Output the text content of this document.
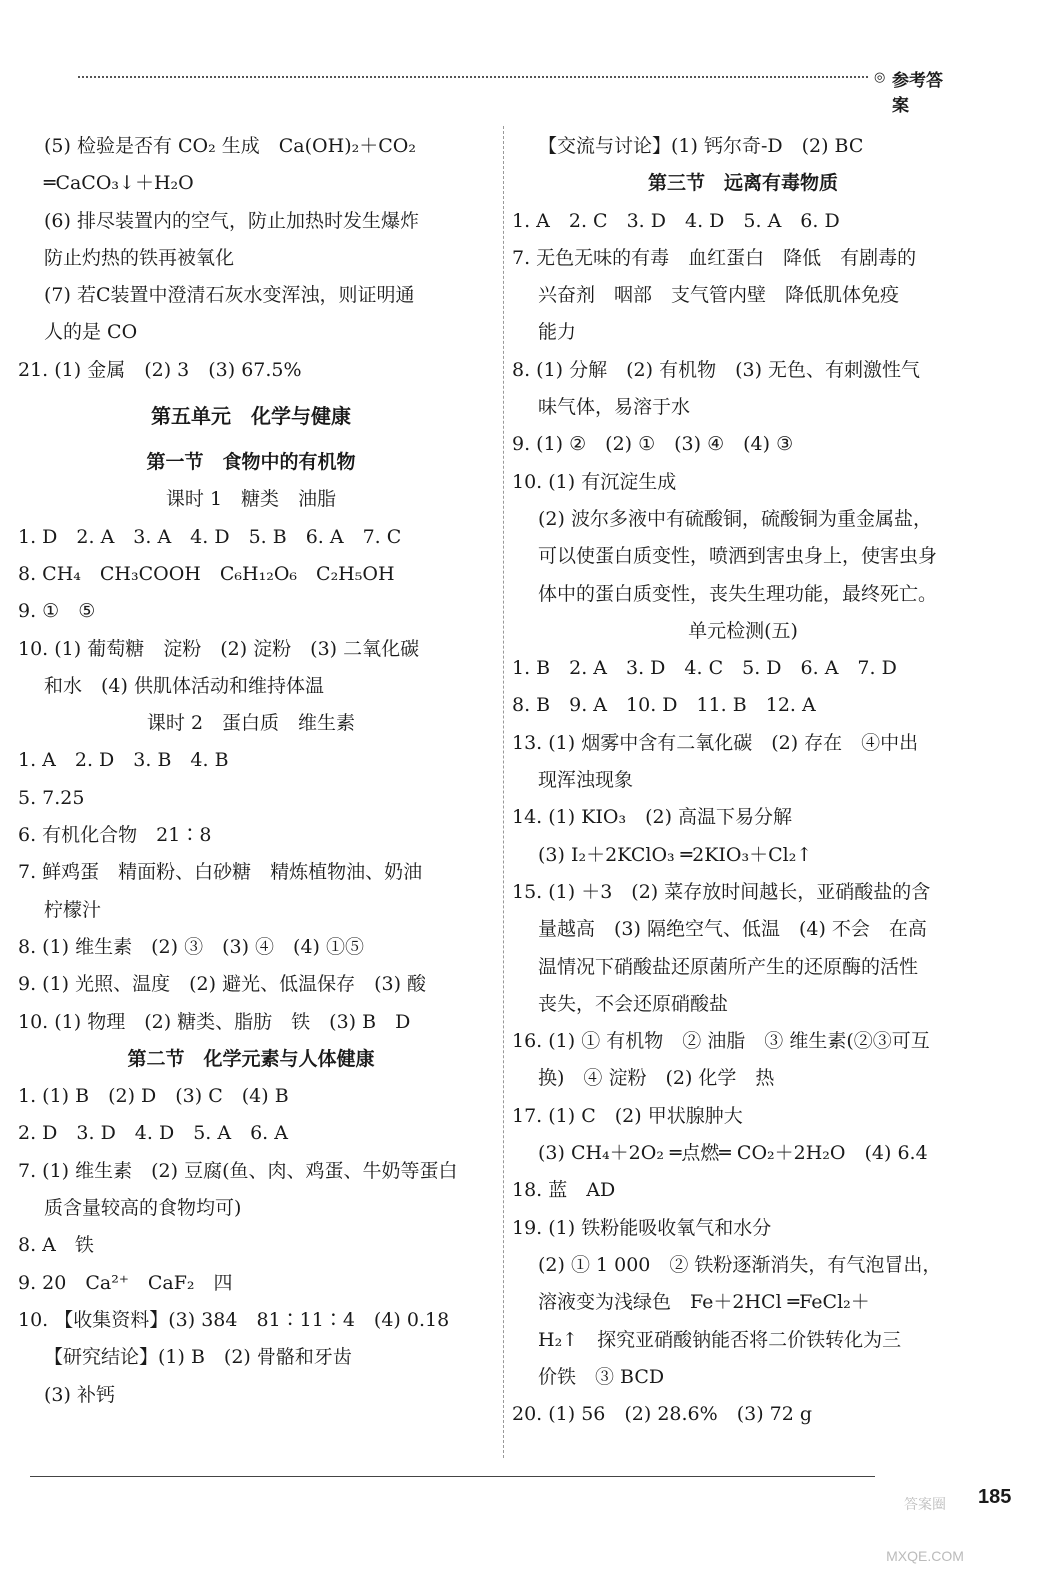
◎ 参考答案
(5) 检验是否有 CO₂ 生成　Ca(OH)₂＋CO₂
═CaCO₃↓＋H₂O
(6) 排尽装置内的空气，防止加热时发生爆炸
防止灼热的铁再被氧化
(7) 若C装置中澄清石灰水变浑浊，则证明通
人的是 CO
21. (1) 金属　(2) 3　(3) 67.5%
第五单元　化学与健康
第一节　食物中的有机物
课时 1　糖类　油脂
1. D　2. A　3. A　4. D　5. B　6. A　7. C
8. CH₄　CH₃COOH　C₆H₁₂O₆　C₂H₅OH
9. ①　⑤
10. (1) 葡萄糖　淀粉　(2) 淀粉　(3) 二氧化碳
和水　(4) 供肌体活动和维持体温
课时 2　蛋白质　维生素
1. A　2. D　3. B　4. B
5. 7.25
6. 有机化合物　21∶8
7. 鲜鸡蛋　精面粉、白砂糖　精炼植物油、奶油
柠檬汁
8. (1) 维生素　(2) ③　(3) ④　(4) ①⑤
9. (1) 光照、温度　(2) 避光、低温保存　(3) 酸
10. (1) 物理　(2) 糖类、脂肪　铁　(3) B　D
第二节　化学元素与人体健康
1. (1) B　(2) D　(3) C　(4) B
2. D　3. D　4. D　5. A　6. A
7. (1) 维生素　(2) 豆腐(鱼、肉、鸡蛋、牛奶等蛋白
质含量较高的食物均可)
8. A　铁
9. 20　Ca²⁺　CaF₂　四
10. 【收集资料】(3) 384　81∶11∶4　(4) 0.18
【研究结论】(1) B　(2) 骨骼和牙齿
(3) 补钙
【交流与讨论】(1) 钙尔奇-D　(2) BC
第三节　远离有毒物质
1. A　2. C　3. D　4. D　5. A　6. D
7. 无色无味的有毒　血红蛋白　降低　有剧毒的
兴奋剂　咽部　支气管内壁　降低肌体免疫
能力
8. (1) 分解　(2) 有机物　(3) 无色、有刺激性气
味气体，易溶于水
9. (1) ②　(2) ①　(3) ④　(4) ③
10. (1) 有沉淀生成
(2) 波尔多液中有硫酸铜，硫酸铜为重金属盐，
可以使蛋白质变性，喷洒到害虫身上，使害虫身
体中的蛋白质变性，丧失生理功能，最终死亡。
单元检测(五)
1. B　2. A　3. D　4. C　5. D　6. A　7. D
8. B　9. A　10. D　11. B　12. A
13. (1) 烟雾中含有二氧化碳　(2) 存在　④中出
现浑浊现象
14. (1) KIO₃　(2) 高温下易分解
(3) I₂＋2KClO₃ ═2KIO₃＋Cl₂↑
15. (1) ＋3　(2) 菜存放时间越长，亚硝酸盐的含
量越高　(3) 隔绝空气、低温　(4) 不会　在高
温情况下硝酸盐还原菌所产生的还原酶的活性
丧失，不会还原硝酸盐
16. (1) ① 有机物　② 油脂　③ 维生素(②③可互
换)　④ 淀粉　(2) 化学　热
17. (1) C　(2) 甲状腺肿大
(3) CH₄＋2O₂ ═点燃═ CO₂＋2H₂O　(4) 6.4
18. 蓝　AD
19. (1) 铁粉能吸收氧气和水分
(2) ① 1 000　② 铁粉逐渐消失，有气泡冒出，
溶液变为浅绿色　Fe＋2HCl ═FeCl₂＋
H₂↑　探究亚硝酸钠能否将二价铁转化为三
价铁　③ BCD
20. (1) 56　(2) 28.6%　(3) 72 g
答案圈 MXQE.COM
185
